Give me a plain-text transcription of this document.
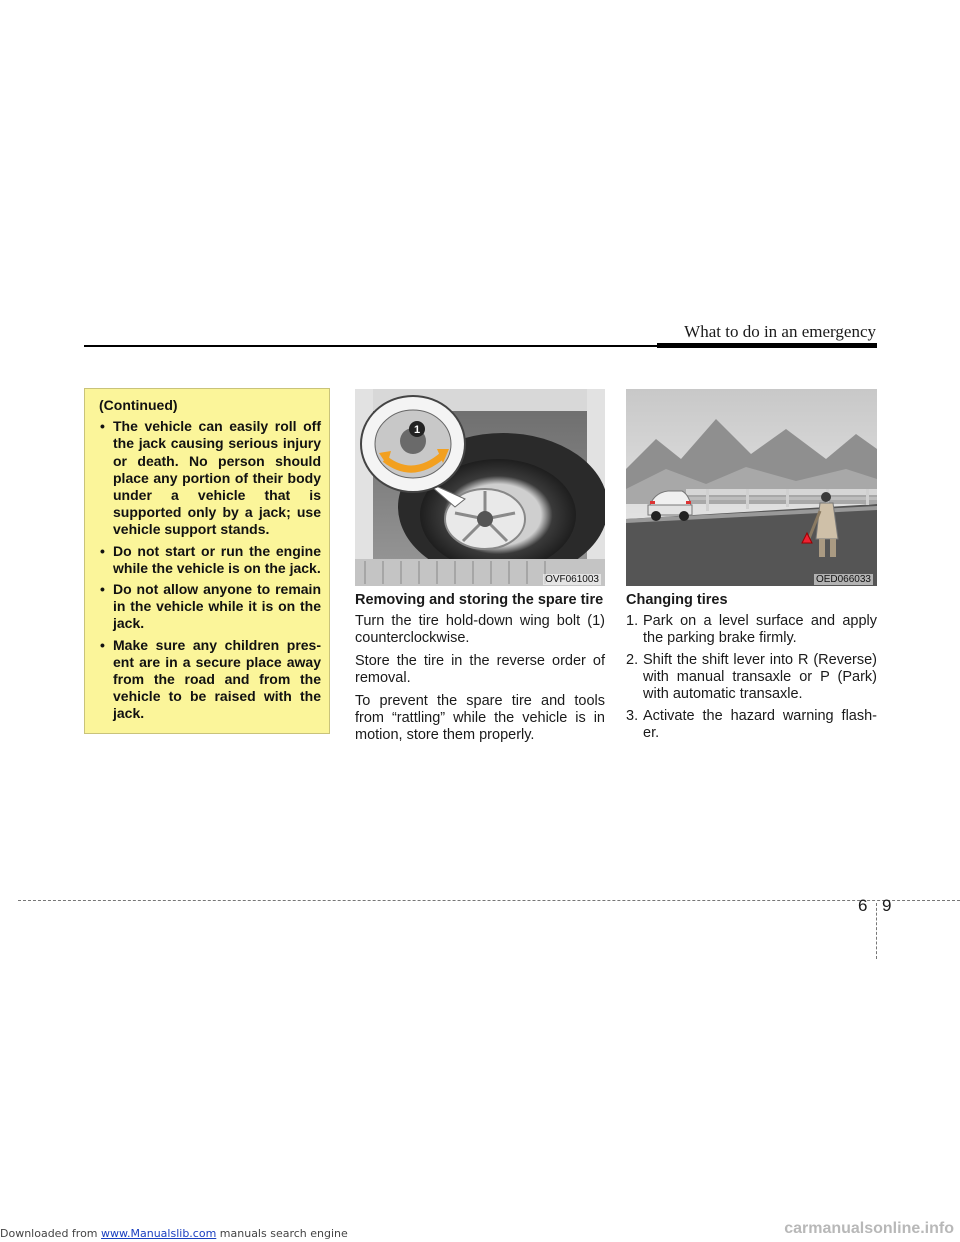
What to do in an emergency
(Continued)
• The vehicle can easily roll off the jack causing serious injury or death. No person should place any portion of their body under a vehicle that is supported only by a jack; use vehicle support stands.
• Do not start or run the engine while the vehicle is on the jack.
• Do not allow anyone to remain in the vehicle while it is on the jack.
• Make sure any children pres- ent are in a secure place away from the road and from the vehicle to be raised with the jack.
1
OVF061003	OED066033
Removing and storing the spare tire

Turn the tire hold-down wing bolt (1) counterclockwise.

Store the tire in the reverse order of removal.

To prevent the spare tire and tools from “rattling” while the vehicle is in motion, store them properly.

Changing tires
1. Park on a level surface and apply the parking brake firmly.
2. Shift the shift lever into R (Reverse) with manual transaxle or P (Park) with automatic transaxle.
3. Activate the hazard warning flash- er.
6 9
Downloaded from www.Manualslib.com manuals search engine	carmanualsonline.info
